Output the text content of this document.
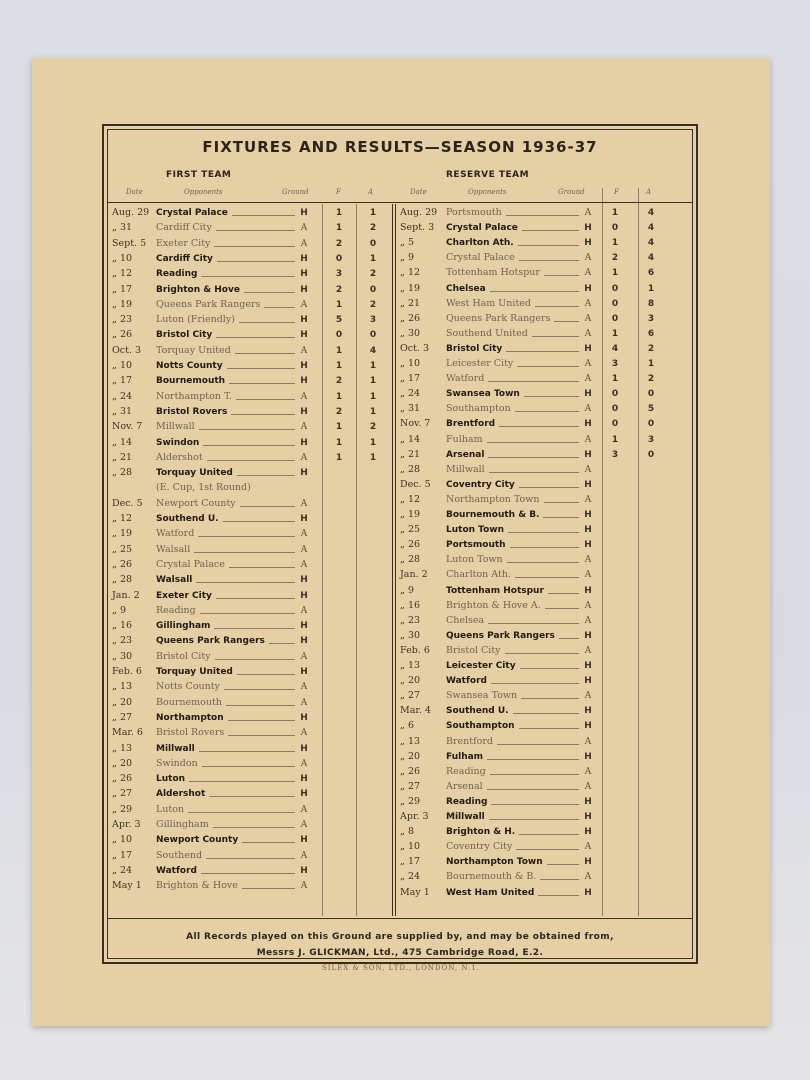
FIXTURES AND RESULTS—SEASON 1936-37
FIRST TEAM	RESERVE TEAM
Date	Opponents	Ground	F	A	Date	Opponents	Ground	F	A
Aug. 29 Crystal Palace	H	1	1
„ 31	Cardiff City	A	1	2
Sept. 5	Exeter City	A	2	0
„ 10	Cardiff City	H	0	1
„ 12	Reading	H	3	2
„ 17	Brighton & Hove	H	2	0
„ 19	Queens Park Rangers	A	1	2
„ 23	Luton (Friendly)	H	5	3
„ 26	Bristol City	H	0	0
Oct. 3	Torquay United	A	1	4
„ 10	Notts County	H	1	1
„ 17	Bournemouth	H	2	1
„ 24	Northampton T.	A	1	1
„ 31	Bristol Rovers	H	2	1
Nov. 7	Millwall	A	1	2
„ 14	Swindon	H	1	1
„ 21	Aldershot	A	1	1
„ 28	Torquay United	H
(E. Cup, 1st Round)
Dec. 5	Newport County	A
„ 12	Southend U.	H
„ 19	Watford	A
„ 25	Walsall	A
„ 26	Crystal Palace	A
„ 28	Walsall	H
Jan. 2	Exeter City	H
„ 9	Reading	A
„ 16	Gillingham	H
„ 23	Queens Park Rangers	H
„ 30	Bristol City	A
Feb. 6	Torquay United	H
„ 13	Notts County	A
„ 20	Bournemouth	A
„ 27	Northampton	H
Mar. 6	Bristol Rovers	A
„ 13	Millwall	H
„ 20	Swindon	A
„ 26	Luton	H
„ 27	Aldershot	H
„ 29	Luton	A
Apr. 3	Gillingham	A
„ 10	Newport County	H
„ 17	Southend	A
„ 24	Watford	H
May 1	Brighton & Hove	A
Aug. 29 Portsmouth	A	1	4
Sept. 3	Crystal Palace	H	0	4
„ 5	Charlton Ath.	H	1	4
„ 9	Crystal Palace	A	2	4
„ 12	Tottenham Hotspur	A	1	6
„ 19	Chelsea	H	0	1
„ 21	West Ham United	A	0	8
„ 26	Queens Park Rangers	A	0	3
„ 30	Southend United	A	1	6
Oct. 3	Bristol City	H	4	2
„ 10	Leicester City	A	3	1
„ 17	Watford	A	1	2
„ 24	Swansea Town	H	0	0
„ 31	Southampton	A	0	5
Nov. 7	Brentford	H	0	0
„ 14	Fulham	A	1	3
„ 21	Arsenal	H	3	0
„ 28	Millwall	A
Dec. 5	Coventry City	H
„ 12	Northampton Town	A
„ 19	Bournemouth & B.	H
„ 25	Luton Town	H
„ 26	Portsmouth	H
„ 28	Luton Town	A
Jan. 2	Charlton Ath.	A
„ 9	Tottenham Hotspur	H
„ 16	Brighton & Hove A.	A
„ 23	Chelsea	A
„ 30	Queens Park Rangers	H
Feb. 6	Bristol City	A
„ 13	Leicester City	H
„ 20	Watford	H
„ 27	Swansea Town	A
Mar. 4	Southend U.	H
„ 6	Southampton	H
„ 13	Brentford	A
„ 20	Fulham	H
„ 26	Reading	A
„ 27	Arsenal	A
„ 29	Reading	H
Apr. 3	Millwall	H
„ 8	Brighton & H.	H
„ 10	Coventry City	A
„ 17	Northampton Town	H
„ 24	Bournemouth & B.	A
May 1	West Ham United	H
All Records played on this Ground are supplied by, and may be obtained from,
Messrs J. GLICKMAN, Ltd., 475 Cambridge Road, E.2.
SILEX & SON, LTD., LONDON, N.1.
